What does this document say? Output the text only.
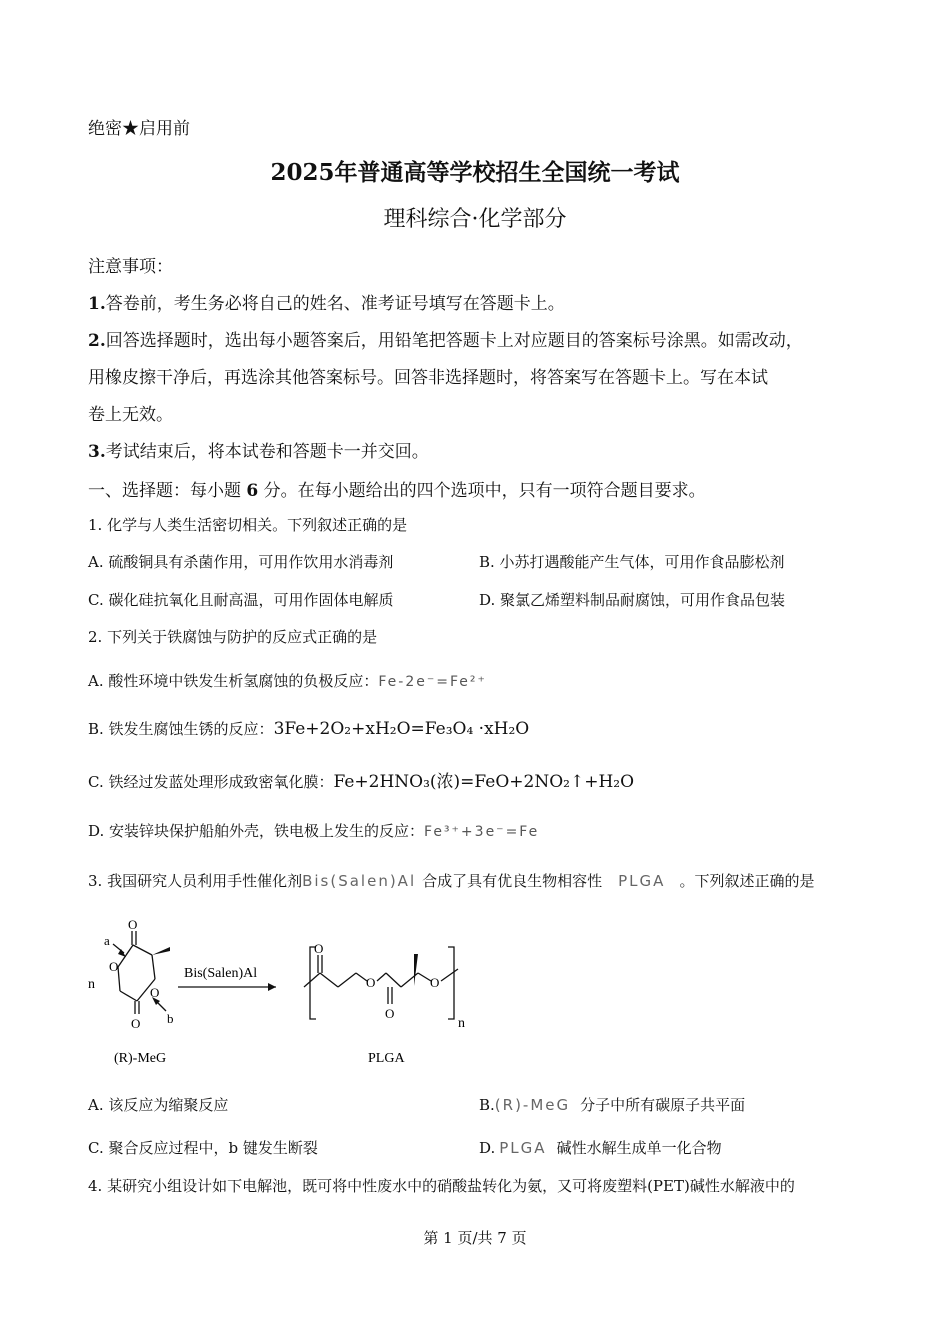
绝密★启用前
2025年普通高等学校招生全国统一考试
理科综合·化学部分
注意事项：
1.答卷前，考生务必将自己的姓名、准考证号填写在答题卡上。
2.回答选择题时，选出每小题答案后，用铅笔把答题卡上对应题目的答案标号涂黑。如需改动，
用橡皮擦干净后，再选涂其他答案标号。回答非选择题时，将答案写在答题卡上。写在本试
卷上无效。
3.考试结束后，将本试卷和答题卡一并交回。
一、选择题：每小题 6 分。在每小题给出的四个选项中，只有一项符合题目要求。
1. 化学与人类生活密切相关。下列叙述正确的是
A. 硫酸铜具有杀菌作用，可用作饮用水消毒剂	B. 小苏打遇酸能产生气体，可用作食品膨松剂
C. 碳化硅抗氧化且耐高温，可用作固体电解质	D. 聚氯乙烯塑料制品耐腐蚀，可用作食品包装
2. 下列关于铁腐蚀与防护的反应式正确的是
A. 酸性环境中铁发生析氢腐蚀的负极反应：Fe-2e⁻=Fe²⁺
B. 铁发生腐蚀生锈的反应：3Fe+2O₂+xH₂O=Fe₃O₄ ·xH₂O
C. 铁经过发蓝处理形成致密氧化膜：Fe+2HNO₃(浓)=FeO+2NO₂↑+H₂O
D. 安装锌块保护船舶外壳，铁电极上发生的反应：Fe³⁺+3e⁻=Fe
3. 我国研究人员利用手性催化剂Bis(Salen)Al 合成了具有优良生物相容性 PLGA 。下列叙述正确的是
O
O
O
O
a
b
n
(R)-MeG
Bis(Salen)Al
O
O
O
O
n
PLGA
A. 该反应为缩聚反应	B.(R)-MeG 分子中所有碳原子共平面
C. 聚合反应过程中，b 键发生断裂	D. PLGA 碱性水解生成单一化合物
4. 某研究小组设计如下电解池，既可将中性废水中的硝酸盐转化为氨，又可将废塑料(PET)碱性水解液中的
第 1 页/共 7 页
